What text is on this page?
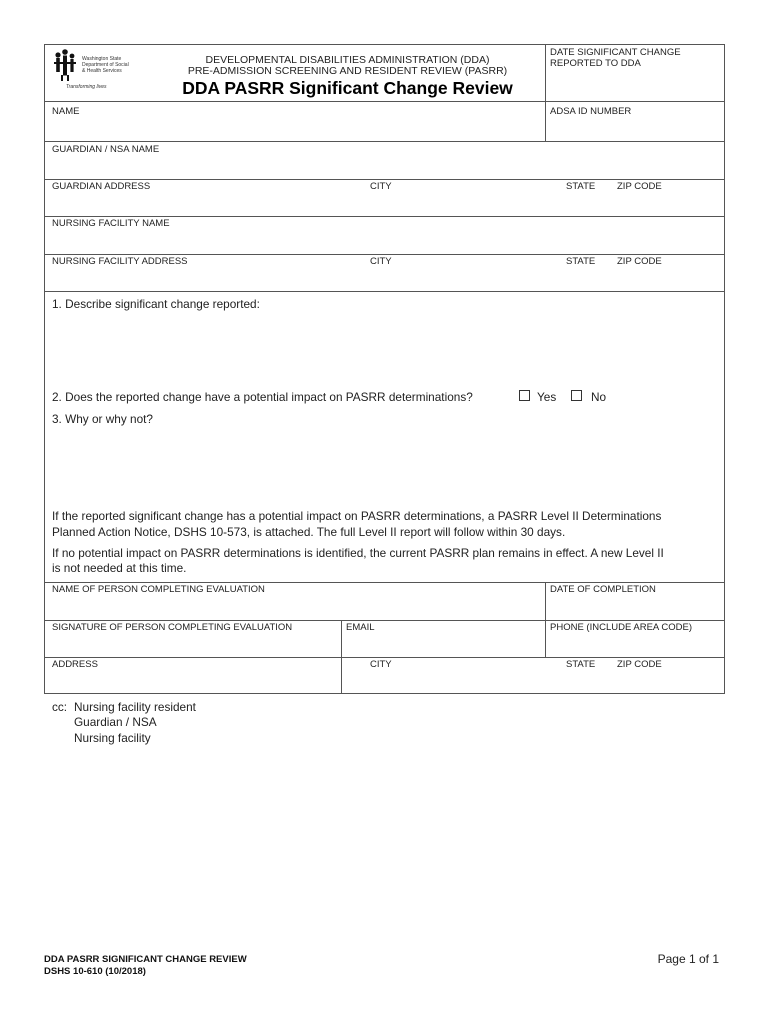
Washington State
Department of Social
& Health Services
Transforming lives
DEVELOPMENTAL DISABILITIES ADMINISTRATION (DDA)
PRE-ADMISSION SCREENING AND RESIDENT REVIEW (PASRR)
DDA PASRR Significant Change Review
DATE SIGNIFICANT CHANGE REPORTED TO DDA
NAME	ADSA ID NUMBER
GUARDIAN / NSA NAME
GUARDIAN ADDRESS	CITY	STATE ZIP CODE
NURSING FACILITY NAME
NURSING FACILITY ADDRESS	CITY	STATE ZIP CODE
1. Describe significant change reported:
2. Does the reported change have a potential impact on PASRR determinations?	Yes	No
3. Why or why not?
If the reported significant change has a potential impact on PASRR determinations, a PASRR Level II Determinations
Planned Action Notice, DSHS 10-573, is attached. The full Level II report will follow within 30 days.
If no potential impact on PASRR determinations is identified, the current PASRR plan remains in effect. A new Level II
is not needed at this time.
NAME OF PERSON COMPLETING EVALUATION	DATE OF COMPLETION
SIGNATURE OF PERSON COMPLETING EVALUATION	EMAIL	PHONE (INCLUDE AREA CODE)
ADDRESS	CITY	STATE ZIP CODE
cc: Nursing facility resident
Guardian / NSA
Nursing facility
DDA PASRR SIGNIFICANT CHANGE REVIEW
DSHS 10-610 (10/2018)
Page 1 of 1
